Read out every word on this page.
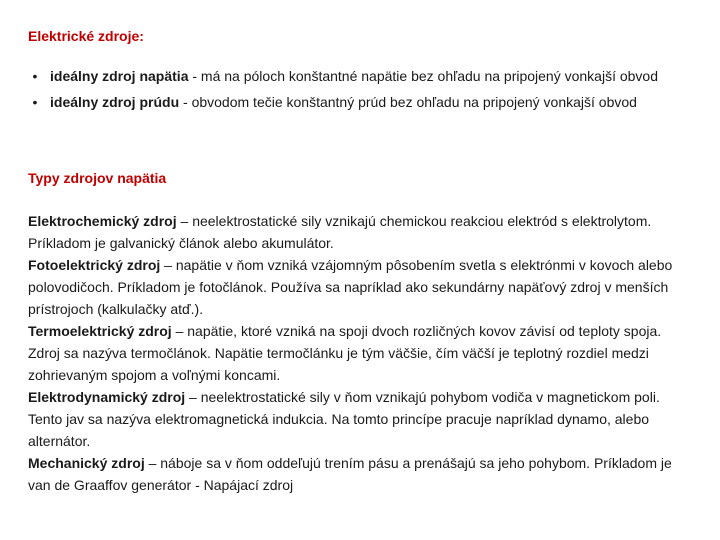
Elektrické zdroje:
• ideálny zdroj napätia - má na póloch konštantné napätie bez ohľadu na pripojený vonkajší obvod
• ideálny zdroj prúdu - obvodom tečie konštantný prúd bez ohľadu na pripojený vonkajší obvod
Typy zdrojov napätia

Elektrochemický zdroj – neelektrostatické sily vznikajú chemickou reakciou elektród s elektrolytom. Príkladom je galvanický článok alebo akumulátor.

Fotoelektrický zdroj – napätie v ňom vzniká vzájomným pôsobením svetla s elektrónmi v kovoch alebo polovodičoch. Príkladom je fotočlánok. Používa sa napríklad ako sekundárny napäťový zdroj v menších prístrojoch (kalkulačky atď.).

Termoelektrický zdroj – napätie, ktoré vzniká na spoji dvoch rozličných kovov závisí od teploty spoja. Zdroj sa nazýva termočlánok. Napätie termočlánku je tým väčšie, čím väčší je teplotný rozdiel medzi zohrievaným spojom a voľnými koncami.

Elektrodynamický zdroj – neelektrostatické sily v ňom vznikajú pohybom vodiča v magnetickom poli. Tento jav sa nazýva elektromagnetická indukcia. Na tomto princípe pracuje napríklad dynamo, alebo alternátor.

Mechanický zdroj – náboje sa v ňom oddeľujú trením pásu a prenášajú sa jeho pohybom. Príkladom je van de Graaffov generátor - Napájací zdroj
